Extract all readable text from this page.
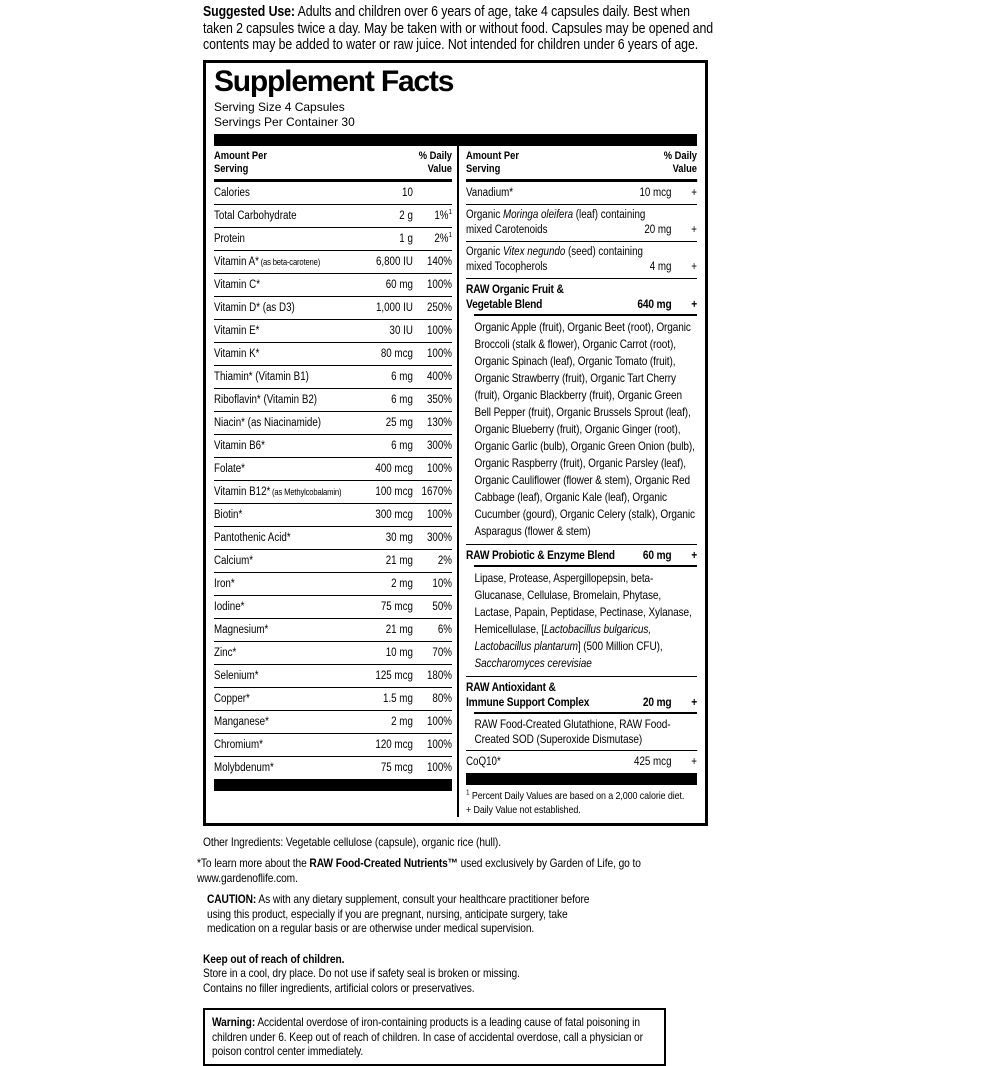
Suggested Use: Adults and children over 6 years of age, take 4 capsules daily. Best when taken 2 capsules twice a day. May be taken with or without food. Capsules may be opened and contents may be added to water or raw juice. Not intended for children under 6 years of age.
Supplement Facts
Serving Size 4 Capsules
Servings Per Container 30
Amount Per
Serving
% Daily
Value
Calories	10
Total Carbohydrate	2 g	1%$^1$
Protein	1 g	2%$^1$
Vitamin A* (as beta-carotene)	6,800 IU	140%
Vitamin C*	60 mg	100%
Vitamin D* (as D3)	1,000 IU	250%
Vitamin E*	30 IU	100%
Vitamin K*	80 mcg	100%
Thiamin* (Vitamin B1)	6 mg	400%
Riboflavin* (Vitamin B2)	6 mg	350%
Niacin* (as Niacinamide)	25 mg	130%
Vitamin B6*	6 mg	300%
Folate*	400 mcg	100%
Vitamin B12* (as Methylcobalamin)	100 mcg 1670%
Biotin*	300 mcg	100%
Pantothenic Acid*	30 mg	300%
Calcium*	21 mg	2%
Iron*	2 mg	10%
Iodine*	75 mcg	50%
Magnesium*	21 mg	6%
Zinc*	10 mg	70%
Selenium*	125 mcg	180%
Copper*	1.5 mg	80%
Manganese*	2 mg	100%
Chromium*	120 mcg	100%
Molybdenum*	75 mcg	100%
Amount Per
Serving
% Daily
Value
Vanadium*	10 mcg	+
Organic Moringa oleifera (leaf) containing
mixed Carotenoids	20 mg	+
Organic Vitex negundo (seed) containing
mixed Tocopherols	4 mg	+
RAW Organic Fruit &
Vegetable Blend	640 mg	+
Organic Apple (fruit), Organic Beet (root), Organic Broccoli (stalk & flower), Organic Carrot (root), Organic Spinach (leaf), Organic Tomato (fruit), Organic Strawberry (fruit), Organic Tart Cherry (fruit), Organic Blackberry (fruit), Organic Green Bell Pepper (fruit), Organic Brussels Sprout (leaf), Organic Blueberry (fruit), Organic Ginger (root), Organic Garlic (bulb), Organic Green Onion (bulb), Organic Raspberry (fruit), Organic Parsley (leaf), Organic Cauliflower (flower & stem), Organic Red Cabbage (leaf), Organic Kale (leaf), Organic Cucumber (gourd), Organic Celery (stalk), Organic Asparagus (flower & stem)
RAW Probiotic & Enzyme Blend	60 mg	+
Lipase, Protease, Aspergillopepsin, beta-Glucanase, Cellulase, Bromelain, Phytase, Lactase, Papain, Peptidase, Pectinase, Xylanase, Hemicellulase, [Lactobacillus bulgaricus, Lactobacillus plantarum] (500 Million CFU), Saccharomyces cerevisiae
RAW Antioxidant &
Immune Support Complex	20 mg	+
RAW Food-Created Glutathione, RAW Food-Created SOD (Superoxide Dismutase)
CoQ10*	425 mcg	+
$^1$ Percent Daily Values are based on a 2,000 calorie diet.
+ Daily Value not established.
Other Ingredients: Vegetable cellulose (capsule), organic rice (hull).
*To learn more about the RAW Food-Created Nutrients™ used exclusively by Garden of Life, go to www.gardenoflife.com.
CAUTION: As with any dietary supplement, consult your healthcare practitioner before using this product, especially if you are pregnant, nursing, anticipate surgery, take medication on a regular basis or are otherwise under medical supervision.
Keep out of reach of children.
Store in a cool, dry place. Do not use if safety seal is broken or missing.
Contains no filler ingredients, artificial colors or preservatives.
Warning: Accidental overdose of iron-containing products is a leading cause of fatal poisoning in children under 6. Keep out of reach of children. In case of accidental overdose, call a physician or poison control center immediately.
